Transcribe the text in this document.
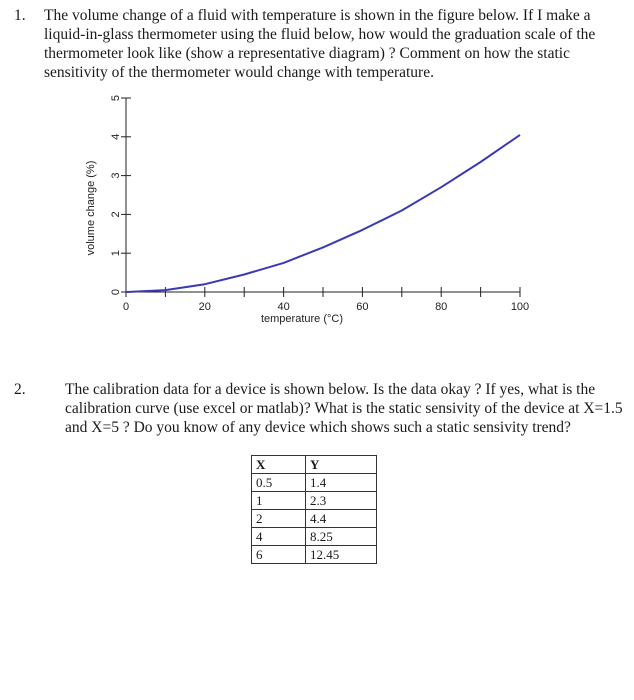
1. The volume change of a fluid with temperature is shown in the figure below. If I make a liquid-in-glass thermometer using the fluid below, how would the graduation scale of the thermometer look like (show a representative diagram) ? Comment on how the static sensitivity of the thermometer would change with temperature.
0	20	40	60	80	100
0
1
2
3
4
5
temperature (°C)
volume change (%)
2.	The calibration data for a device is shown below. Is the data okay ? If yes, what is the calibration curve (use excel or matlab)? What is the static sensivity of the device at X=1.5 and X=5 ? Do you know of any device which shows such a static sensivity trend?
X	Y
0.5	1.4
1	2.3
2	4.4
4	8.25
6	12.45
